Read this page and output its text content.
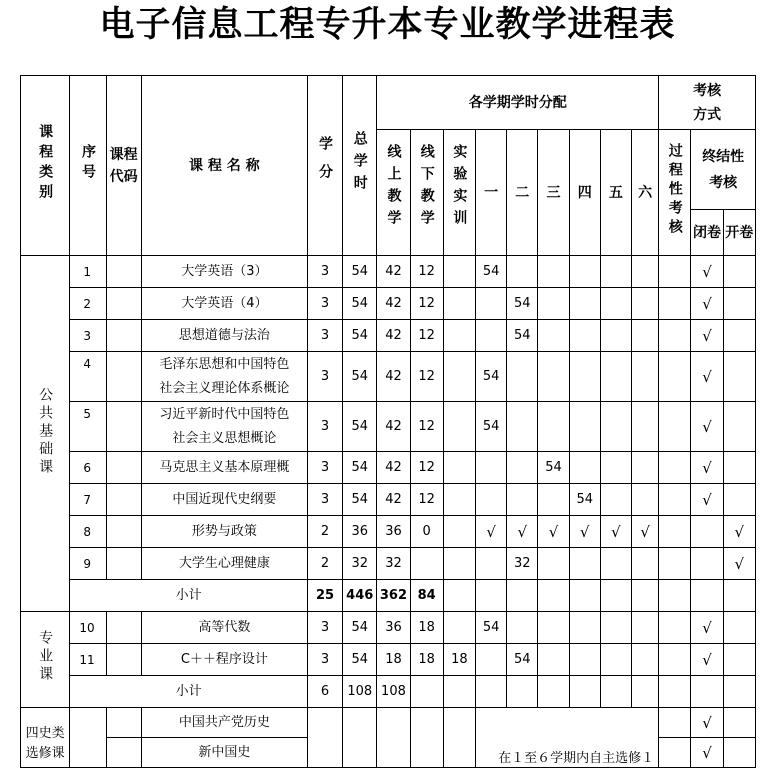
电子信息工程专升本专业教学进程表
课程类别	序号	课程代码	课 程 名 称	学分	总学时	各学期学时分配									考核方式		

						线上教学	线下教学	实验实训	一	二	三	四	五	六	过程性考核	终结性考核	

																闭卷	开卷
公共基础课	1		大学英语（3）	3	54	42	12		54							√	
	2		大学英语（4）	3	54	42	12			54						√	
	3		思想道德与法治	3	54	42	12			54						√	
	4		毛泽东思想和中国特色
社会主义理论体系概论	3	54	42	12		54							√	
	5		习近平新时代中国特色
社会主义思想概论	3	54	42	12		54							√	
	6		马克思主义基本原理概	3	54	42	12				54					√	
	7		中国近现代史纲要	3	54	42	12					54				√	
	8		形势与政策	2	36	36	0		√	√	√	√	√	√			√
	9		大学生心理健康	2	32	32				32							√
	小计			25	446	362	84										
专业课	10		高等代数	3	54	36	18		54							√	
	11		C＋＋程序设计	3	54	18	18	18		54						√	
	小计			6	108	108											

四史类选修课			中国共产党历史						在１至６学期内自主选修１							√	
			新中国史													√	
